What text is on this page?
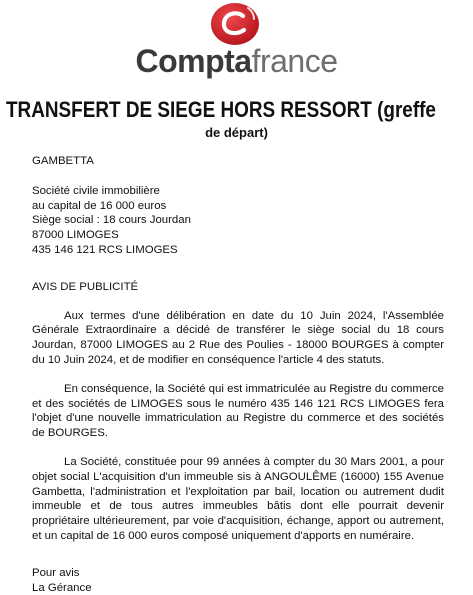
Comptafrance
TRANSFERT DE SIEGE HORS RESSORT (greffe

de départ)

GAMBETTA

Société civile immobilière
au capital de 16 000 euros
Siège social : 18 cours Jourdan
87000 LIMOGES
435 146 121 RCS LIMOGES

AVIS DE PUBLICITÉ

Aux termes d'une délibération en date du 10 Juin 2024, l'Assemblée Générale Extraordinaire a décidé de transférer le siège social du 18 cours Jourdan, 87000 LIMOGES au 2 Rue des Poulies - 18000 BOURGES à compter du 10 Juin 2024, et de modifier en conséquence l'article 4 des statuts.

En conséquence, la Société qui est immatriculée au Registre du commerce et des sociétés de LIMOGES sous le numéro 435 146 121 RCS LIMOGES fera l'objet d'une nouvelle immatriculation au Registre du commerce et des sociétés de BOURGES.

La Société, constituée pour 99 années à compter du 30 Mars 2001, a pour objet social L'acquisition d'un immeuble sis à ANGOULÊME (16000) 155 Avenue Gambetta, l'administration et l'exploitation par bail, location ou autrement dudit immeuble et de tous autres immeubles bâtis dont elle pourrait devenir propriétaire ultérieurement, par voie d'acquisition, échange, apport ou autrement, et un capital de 16 000 euros composé uniquement d'apports en numéraire.

Pour avis
La Gérance
